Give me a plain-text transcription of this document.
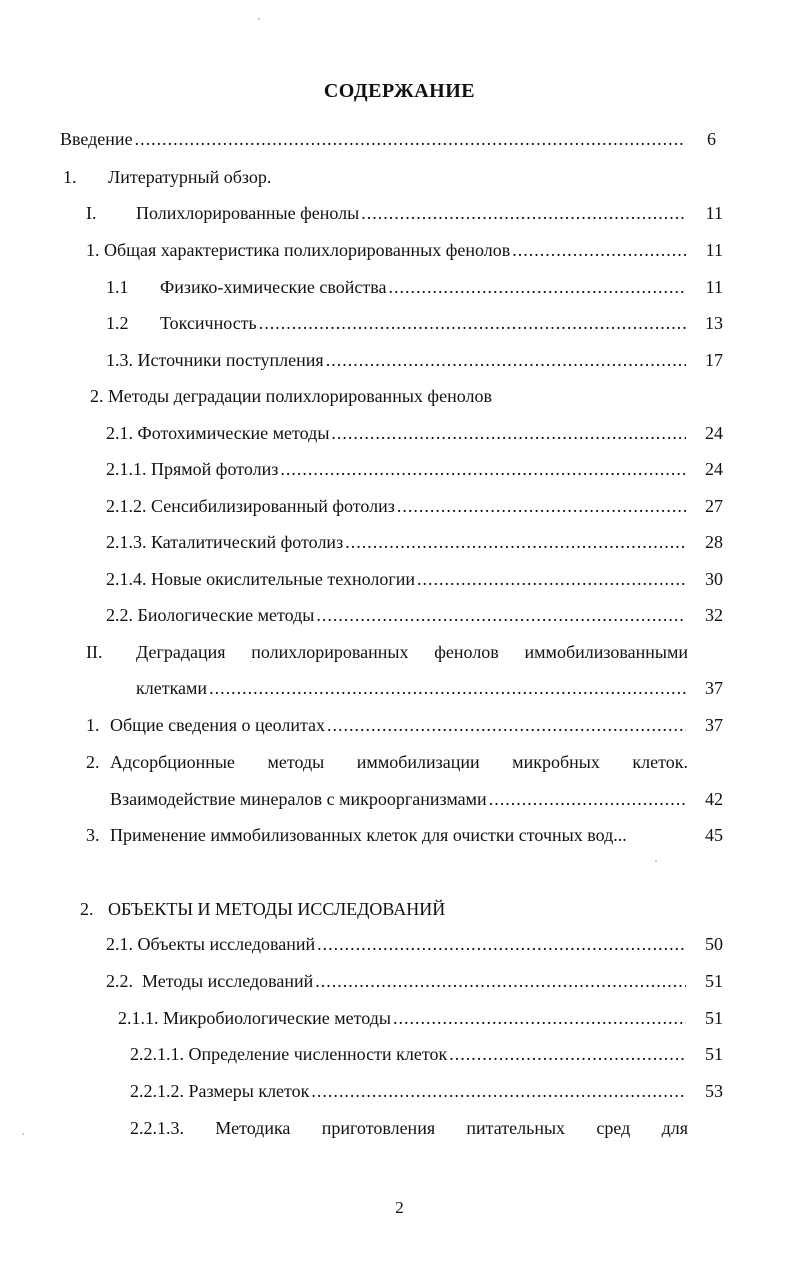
СОДЕРЖАНИЕ
Введение .....	6
1. Литературный обзор.
I. Полихлорированные фенолы .....	11
1. Общая характеристика полихлорированных фенолов .....	11
1.1 Физико-химические свойства .....	11
1.2 Токсичность .....	13
1.3. Источники поступления .....	17
2. Методы деградации полихлорированных фенолов
2.1. Фотохимические методы .....	24
2.1.1. Прямой фотолиз .....	24
2.1.2. Сенсибилизированный фотолиз .....	27
2.1.3. Каталитический фотолиз .....	28
2.1.4. Новые окислительные технологии .....	30
2.2. Биологические методы .....	32
II. Деградация полихлорированных фенолов иммобилизованными
клетками .....	37
1. Общие сведения о цеолитах .....	37
2. Адсорбционные методы иммобилизации микробных клеток.
Взаимодействие минералов с микроорганизмами .....	42
3. Применение иммобилизованных клеток для очистки сточных вод...	45
2. ОБЪЕКТЫ И МЕТОДЫ ИССЛЕДОВАНИЙ
2.1. Объекты исследований .....	50
2.2.  Методы исследований .....	51
2.1.1. Микробиологические методы .....	51
2.2.1.1. Определение численности клеток .....	51
2.2.1.2. Размеры клеток .....	53
2.2.1.3.   Методика   приготовления   питательных   сред   для
2
